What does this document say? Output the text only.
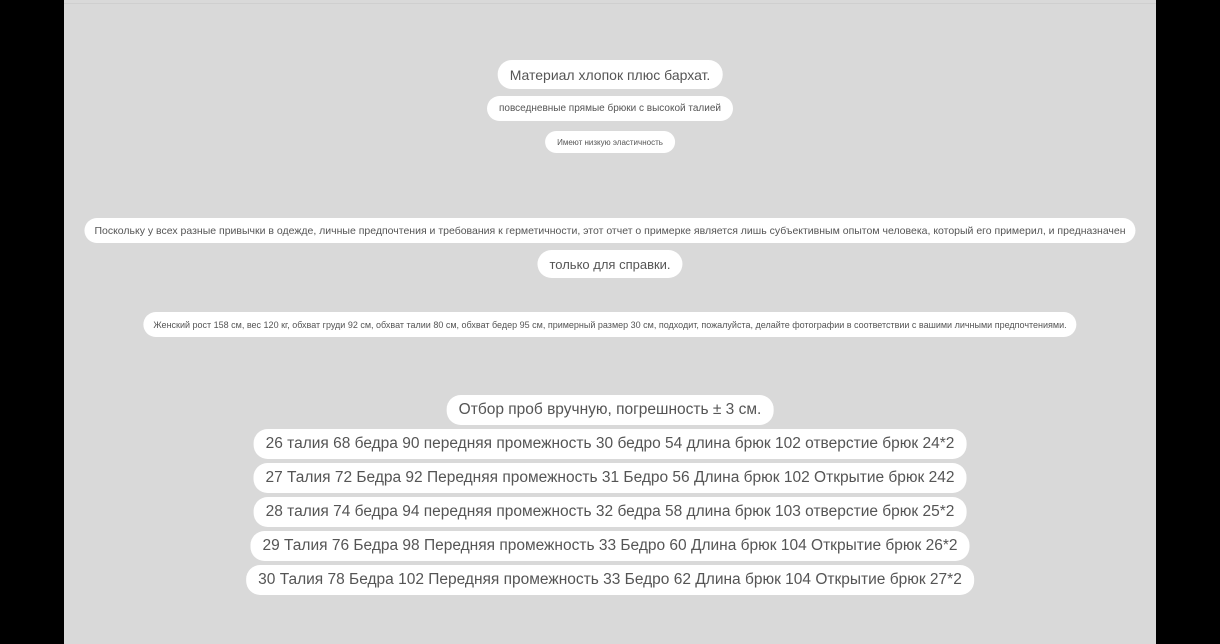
Материал хлопок плюс бархат.
повседневные прямые брюки с высокой талией
Имеют низкую эластичность
Поскольку у всех разные привычки в одежде, личные предпочтения и требования к герметичности, этот отчет о примерке является лишь субъективным опытом человека, который его примерил, и предназначен
только для справки.
Женский рост 158 см, вес 120 кг, обхват груди 92 см, обхват талии 80 см, обхват бедер 95 см, примерный размер 30 см, подходит, пожалуйста, делайте фотографии в соответствии с вашими личными предпочтениями.
Отбор проб вручную, погрешность ± 3 см.
26 талия 68 бедра 90 передняя промежность 30 бедро 54 длина брюк 102 отверстие брюк 24*2
27 Талия 72 Бедра 92 Передняя промежность 31 Бедро 56 Длина брюк 102 Открытие брюк 242
28 талия 74 бедра 94 передняя промежность 32 бедра 58 длина брюк 103 отверстие брюк 25*2
29 Талия 76 Бедра 98 Передняя промежность 33 Бедро 60 Длина брюк 104 Открытие брюк 26*2
30 Талия 78 Бедра 102 Передняя промежность 33 Бедро 62 Длина брюк 104 Открытие брюк 27*2
